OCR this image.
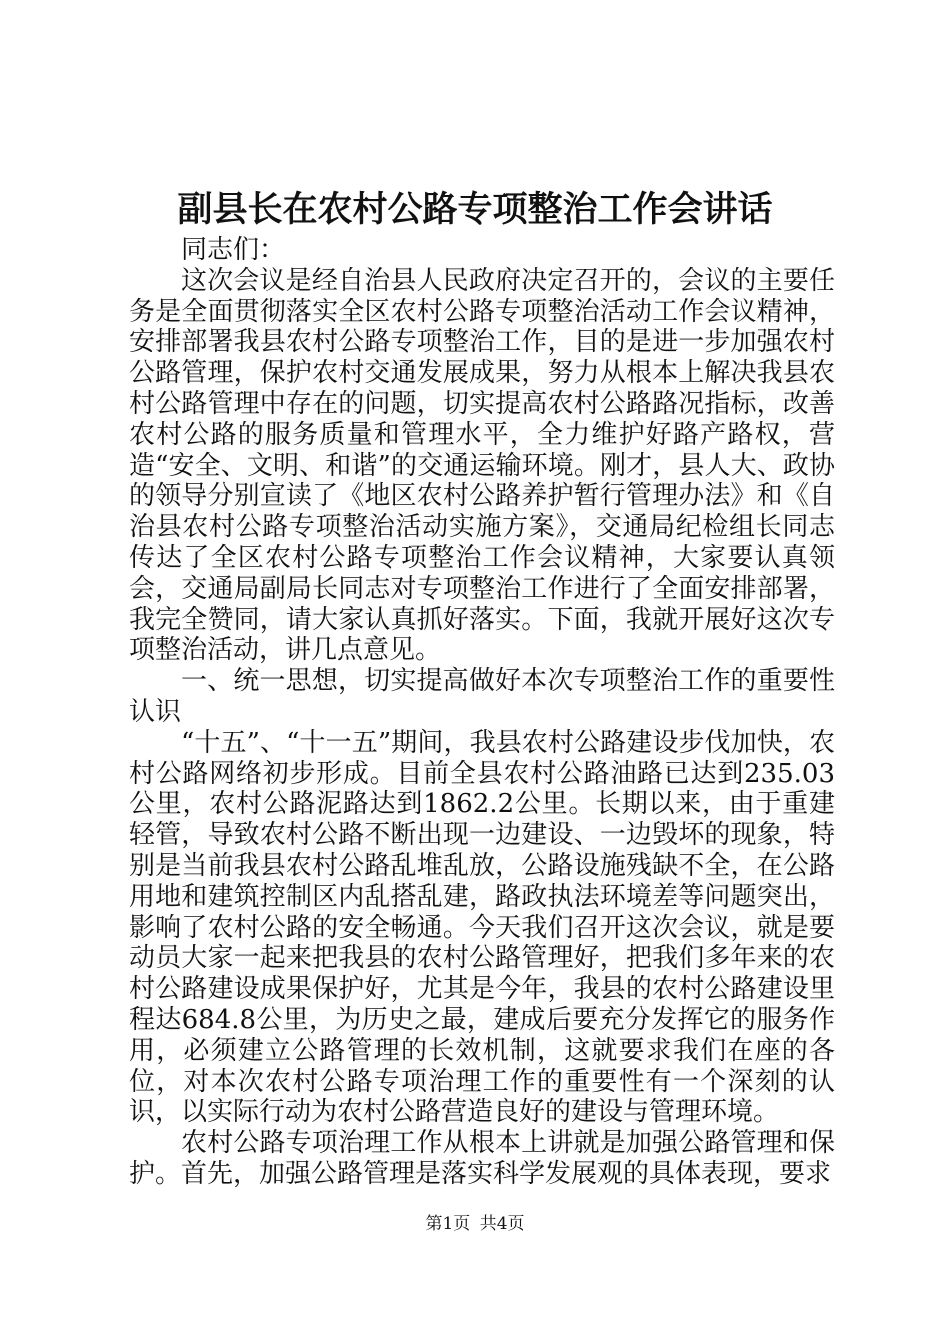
副县长在农村公路专项整治工作会讲话

同志们：

这次会议是经自治县人民政府决定召开的，会议的主要任务是全面贯彻落实全区农村公路专项整治活动工作会议精神，安排部署我县农村公路专项整治工作，目的是进一步加强农村公路管理，保护农村交通发展成果，努力从根本上解决我县农村公路管理中存在的问题，切实提高农村公路路况指标，改善农村公路的服务质量和管理水平，全力维护好路产路权，营造“安全、文明、和谐”的交通运输环境。刚才，县人大、政协的领导分别宣读了《地区农村公路养护暂行管理办法》和《自治县农村公路专项整治活动实施方案》，交通局纪检组长同志传达了全区农村公路专项整治工作会议精神，大家要认真领会，交通局副局长同志对专项整治工作进行了全面安排部署，我完全赞同，请大家认真抓好落实。下面，我就开展好这次专项整治活动，讲几点意见。

一、统一思想，切实提高做好本次专项整治工作的重要性认识

“十五”、“十一五”期间，我县农村公路建设步伐加快，农村公路网络初步形成。目前全县农村公路油路已达到235.03公里，农村公路泥路达到1862.2公里。长期以来，由于重建轻管，导致农村公路不断出现一边建设、一边毁坏的现象，特别是当前我县农村公路乱堆乱放，公路设施残缺不全，在公路用地和建筑控制区内乱搭乱建，路政执法环境差等问题突出，影响了农村公路的安全畅通。今天我们召开这次会议，就是要动员大家一起来把我县的农村公路管理好，把我们多年来的农村公路建设成果保护好，尤其是今年，我县的农村公路建设里程达684.8公里，为历史之最，建成后要充分发挥它的服务作用，必须建立公路管理的长效机制，这就要求我们在座的各位，对本次农村公路专项治理工作的重要性有一个深刻的认识，以实际行动为农村公路营造良好的建设与管理环境。

农村公路专项治理工作从根本上讲就是加强公路管理和保护。首先，加强公路管理是落实科学发展观的具体表现，要求

第1页 共4页
